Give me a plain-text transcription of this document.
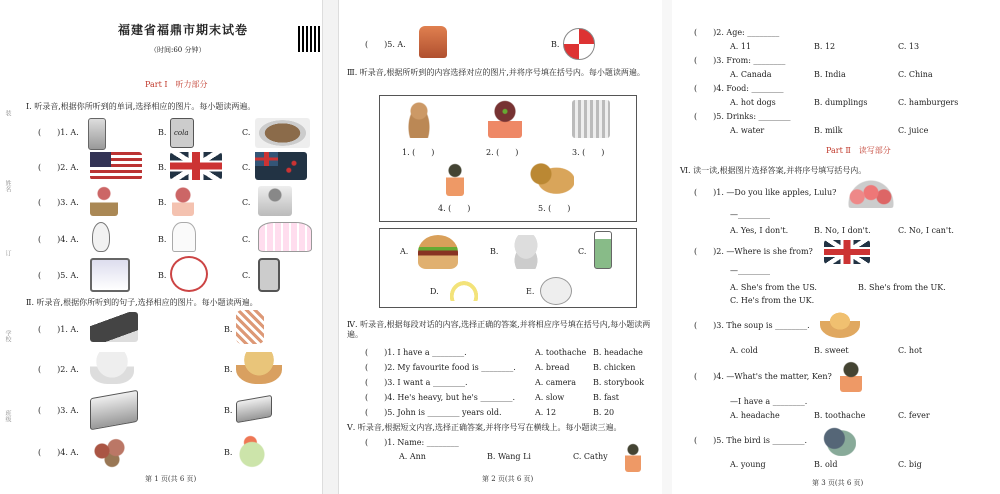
装
姓名
订
学校
班级
福建省福鼎市期末试卷
（时间:60 分钟）
Part Ⅰ　听力部分
Ⅰ. 听录音,根据你所听到的单词,选择相应的图片。每小题读两遍。
(　　)1. A.	B. cola	C.
(　　)2. A.	B.	C.
(　　)3. A.	B.	C.
(　　)4. A.	B.	C.
(　　)5. A.	B.	C.
Ⅱ. 听录音,根据你所听到的句子,选择相应的图片。每小题读两遍。
(　　)1. A.	B.
(　　)2. A.	B.
(　　)3. A.	B.
(　　)4. A.	B.
第 1 页(共 6 页)
(　　)5. A.	B.
Ⅲ. 听录音,根据所听到的内容选择对应的图片,并将序号填在括号内。每小题读两遍。
1. (　　)	2. (　　)	3. (　　)
4. (　　)	5. (　　)
A.	B.	C.
D.	E.
Ⅳ. 听录音,根据每段对话的内容,选择正确的答案,并将相应序号填在括号内,每小题读两遍。
(　　)1. I have a ________.	A. toothache B. headache
(　　)2. My favourite food is ________. A. bread	B. chicken
(　　)3. I want a ________.	A. camera B. storybook
(　　)4. He's heavy, but he's ________. A. slow	B. fast
(　　)5. John is ________ years old.	A. 12	B. 20
Ⅴ. 听录音,根据短文内容,选择正确答案,并将序号写在横线上。每小题读三遍。
(　　)1. Name: ________
A. Ann	B. Wang Li	C. Cathy
第 2 页(共 6 页)
(　　)2. Age: ________
A. 11	B. 12	C. 13
(　　)3. From: ________
A. Canada	B. India	C. China
(　　)4. Food: ________
A. hot dogs	B. dumplings	C. hamburgers
(　　)5. Drinks: ________
A. water	B. milk	C. juice
Part Ⅱ　读写部分
Ⅵ. 读一读,根据图片选择答案,并将序号填写括号内。
(　　)1. —Do you like apples, Lulu?
—________
A. Yes, I don't.	B. No, I don't.	C. No, I can't.
(　　)2. —Where is she from?
—________
A. She's from the US.	B. She's from the UK.
C. He's from the UK.
(　　)3. The soup is ________.
A. cold	B. sweet	C. hot
(　　)4. —What's the matter, Ken?
—I have a ________.
A. headache	B. toothache	C. fever
(　　)5. The bird is ________.
A. young	B. old	C. big
第 3 页(共 6 页)
